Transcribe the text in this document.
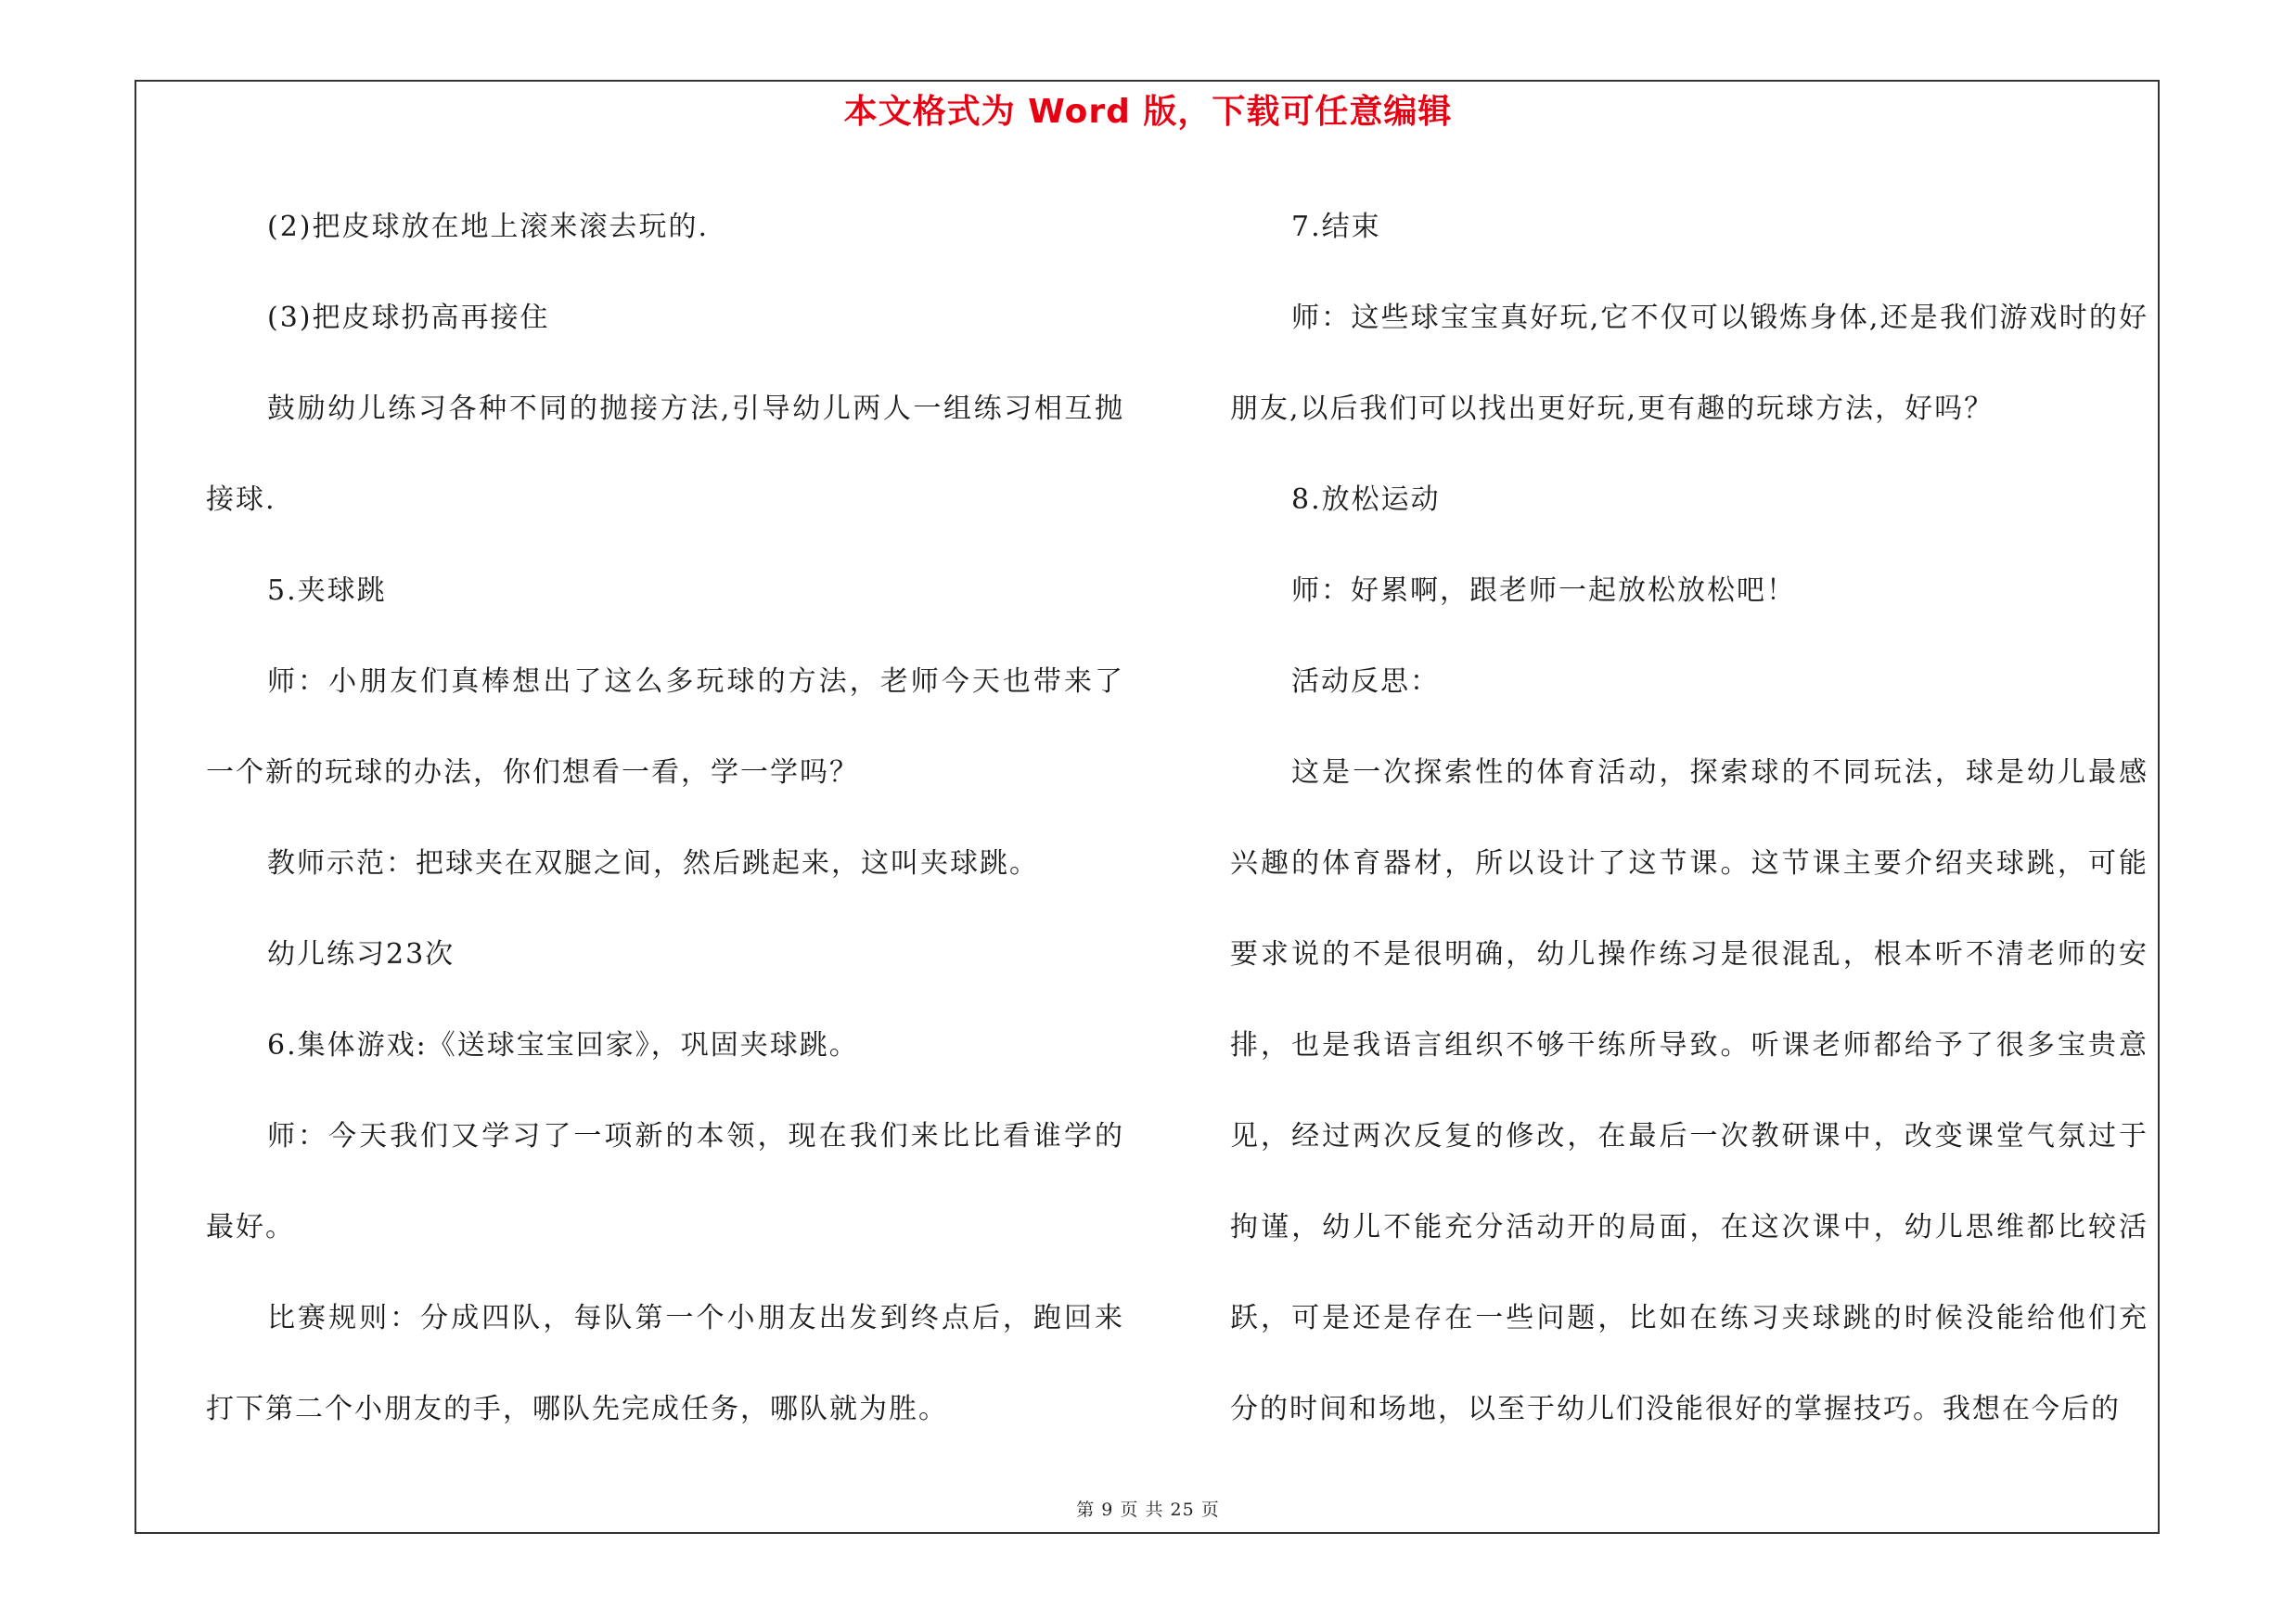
本文格式为 Word 版，下载可任意编辑

(2)把皮球放在地上滚来滚去玩的.

(3)把皮球扔高再接住

鼓励幼儿练习各种不同的抛接方法,引导幼儿两人一组练习相互抛接球.

5.夹球跳

师：小朋友们真棒想出了这么多玩球的方法，老师今天也带来了一个新的玩球的办法，你们想看一看，学一学吗？

教师示范：把球夹在双腿之间，然后跳起来，这叫夹球跳。

幼儿练习23次

6.集体游戏:《送球宝宝回家》，巩固夹球跳。

师：今天我们又学习了一项新的本领，现在我们来比比看谁学的最好。

比赛规则：分成四队，每队第一个小朋友出发到终点后，跑回来打下第二个小朋友的手，哪队先完成任务，哪队就为胜。

7.结束

师：这些球宝宝真好玩,它不仅可以锻炼身体,还是我们游戏时的好朋友,以后我们可以找出更好玩,更有趣的玩球方法，好吗？

8.放松运动

师：好累啊，跟老师一起放松放松吧！

活动反思：

这是一次探索性的体育活动，探索球的不同玩法，球是幼儿最感兴趣的体育器材，所以设计了这节课。这节课主要介绍夹球跳，可能要求说的不是很明确，幼儿操作练习是很混乱，根本听不清老师的安排，也是我语言组织不够干练所导致。听课老师都给予了很多宝贵意见，经过两次反复的修改，在最后一次教研课中，改变课堂气氛过于拘谨，幼儿不能充分活动开的局面，在这次课中，幼儿思维都比较活跃，可是还是存在一些问题，比如在练习夹球跳的时候没能给他们充分的时间和场地，以至于幼儿们没能很好的掌握技巧。我想在今后的

第 9 页 共 25 页
